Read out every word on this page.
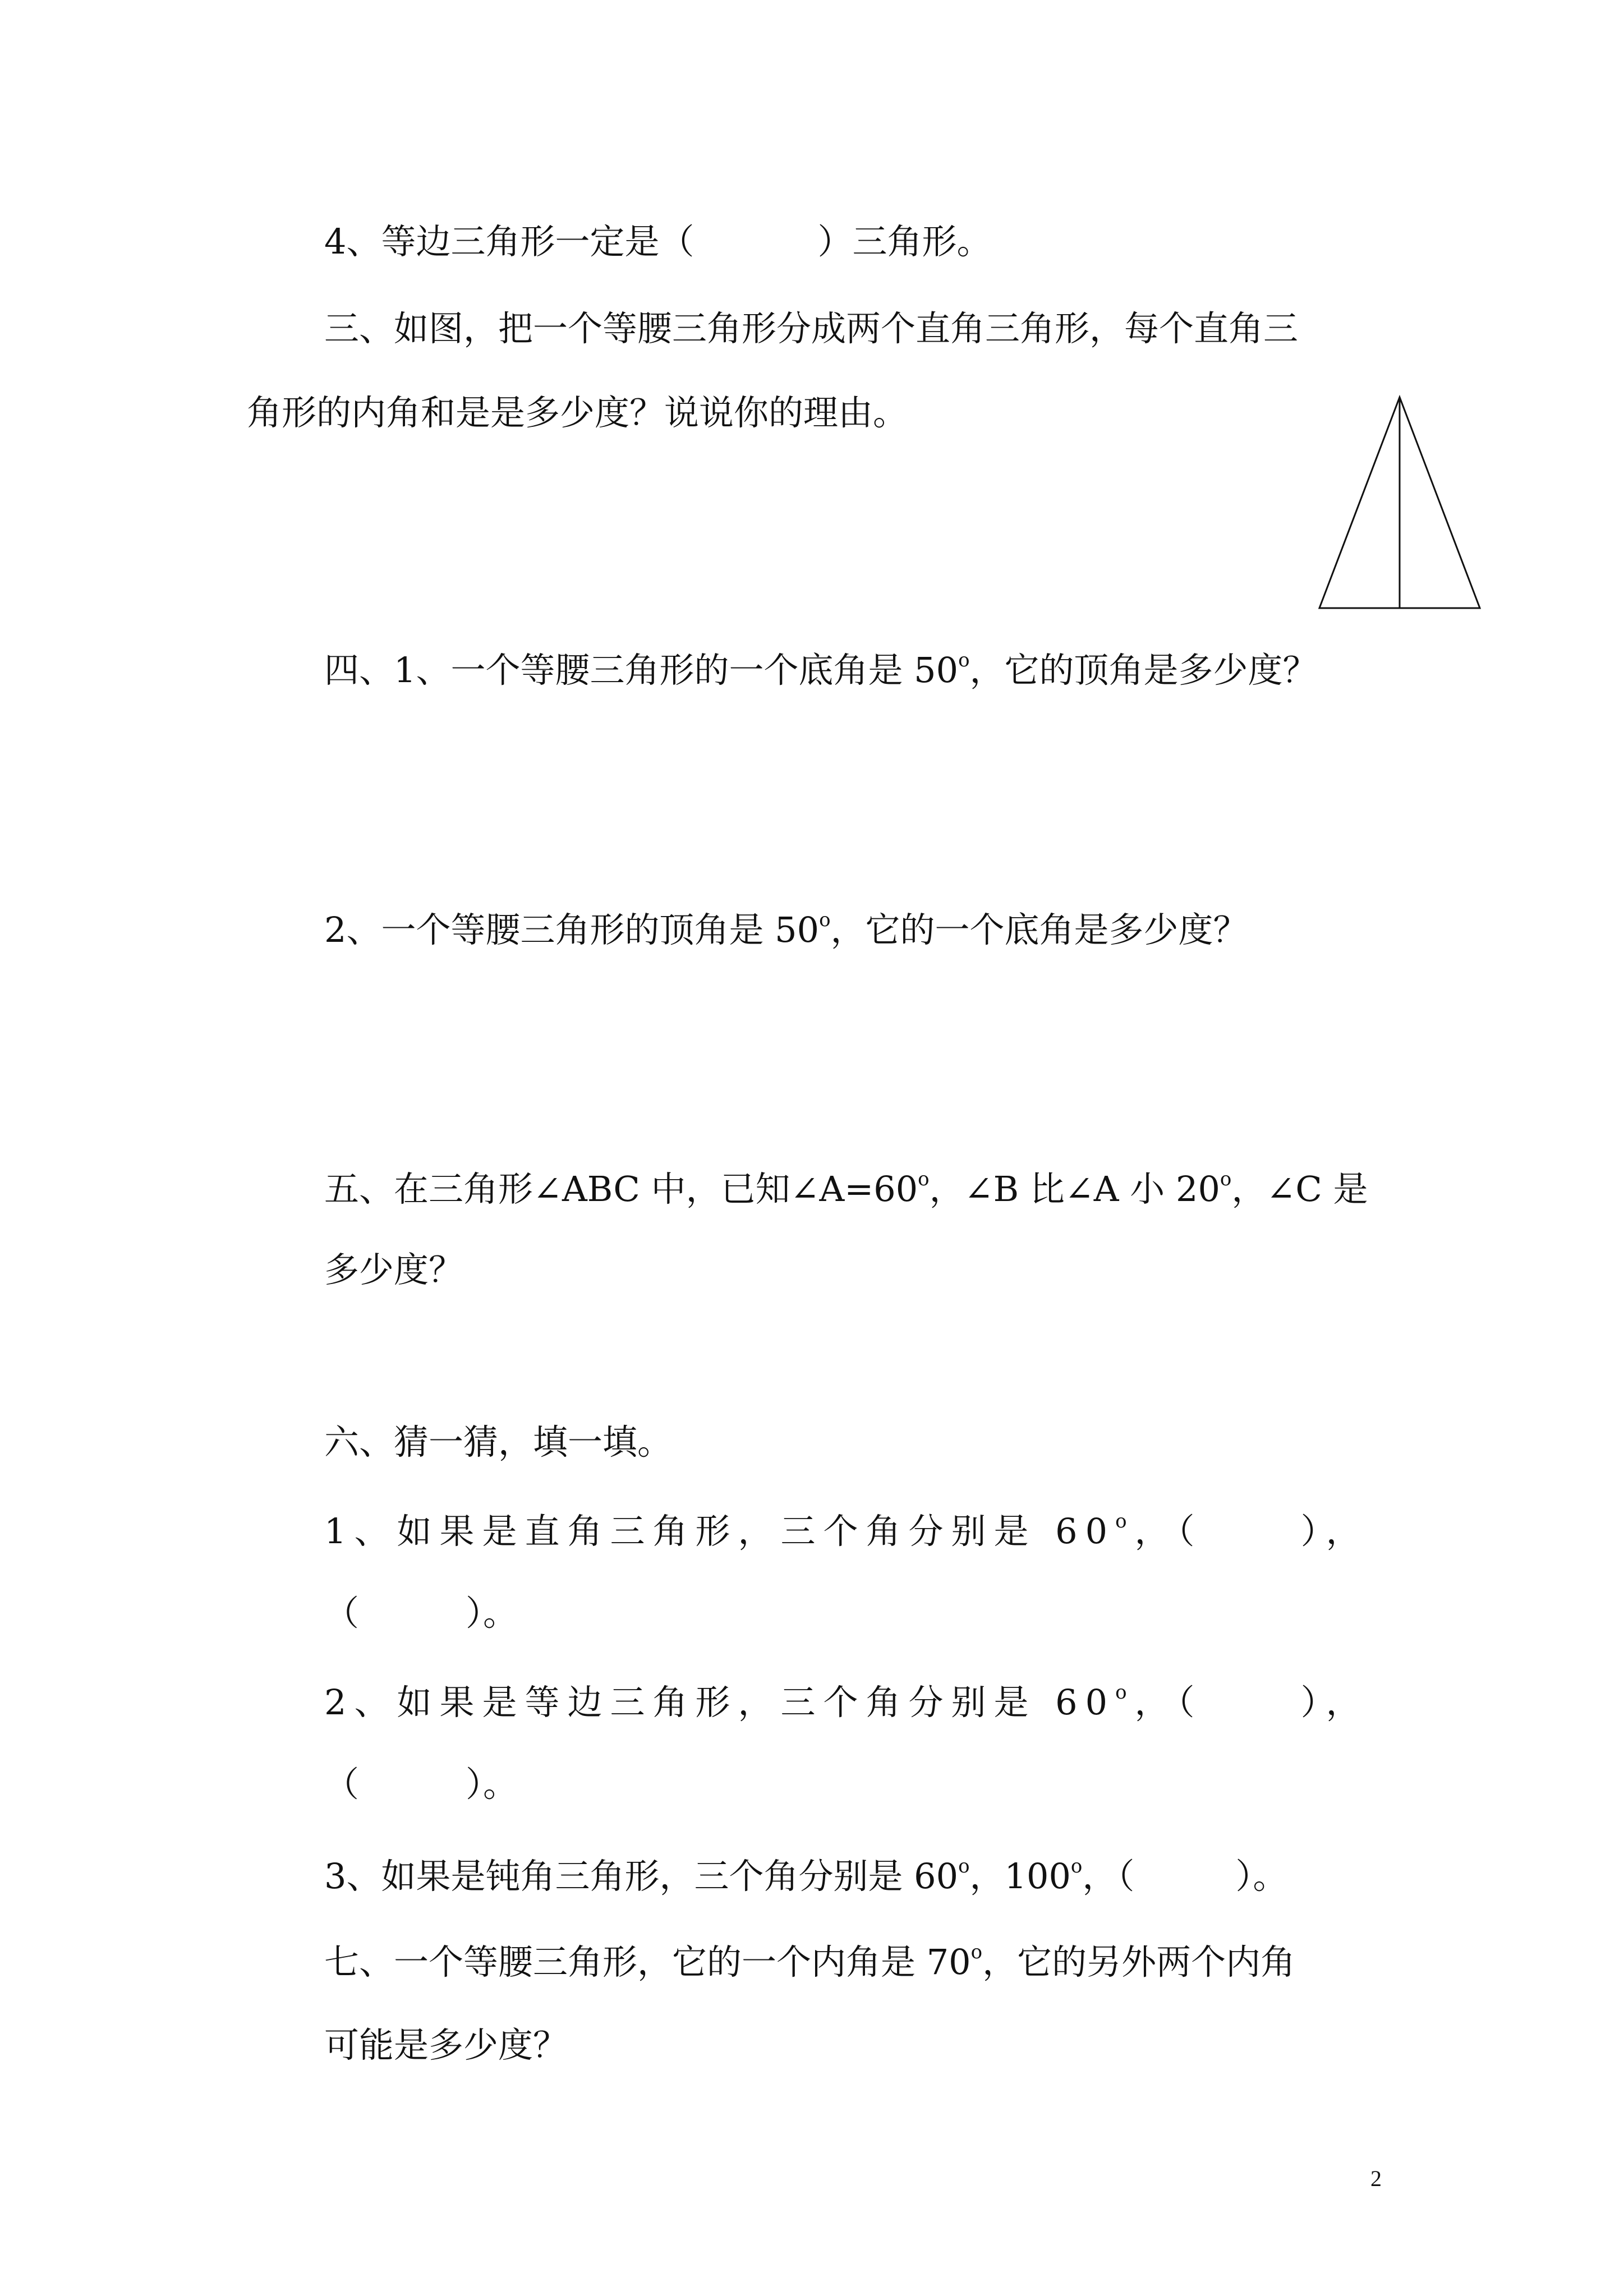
4、等边三角形一定是（	）三角形。
三、如图，把一个等腰三角形分成两个直角三角形，每个直角三
角形的内角和是是多少度？说说你的理由。
四、1、一个等腰三角形的一个底角是 50$^o$，它的顶角是多少度？
2、一个等腰三角形的顶角是 50$^o$，它的一个底角是多少度？
五、在三角形∠ABC 中，已知$\angle A=60^o$，∠B 比∠A 小 20$^o$，∠C 是
多少度？
六、猜一猜，填一填。
1、如果是直角三角形，三个角分别是 60$^o$，（	），
（	）。
2、如果是等边三角形，三个角分别是 60$^o$，（	），
（	）。
3、如果是钝角三角形，三个角分别是 60$^o$，100$^o$，（	）。
七、一个等腰三角形，它的一个内角是 70$^o$，它的另外两个内角
可能是多少度？
2
